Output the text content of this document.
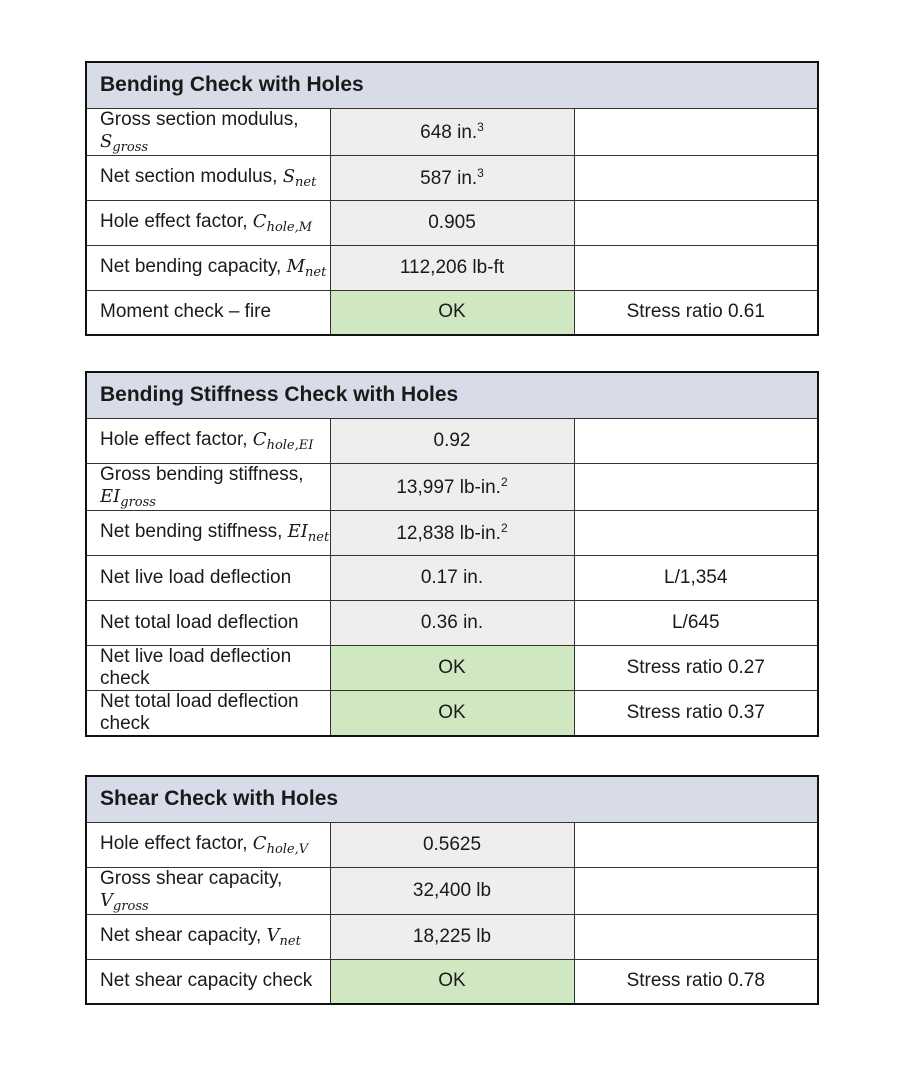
Bending Check with Holes		
Gross section modulus, $S_{gross}$	648 in.$^3$	
Net section modulus, $S_{net}$	587 in.$^3$	
Hole effect factor, $C_{hole,M}$	0.905	
Net bending capacity, $M_{net}$	112,206 lb-ft	
Moment check – fire	OK	Stress ratio 0.61
Bending Stiffness Check with Holes		
Hole effect factor, $C_{hole,EI}$	0.92	
Gross bending stiffness, $EI_{gross}$	13,997 lb-in.$^2$	
Net bending stiffness, $EI_{net}$	12,838 lb-in.$^2$	
Net live load deflection	0.17 in.	L/1,354
Net total load deflection	0.36 in.	L/645
Net live load deflection check	OK	Stress ratio 0.27
Net total load deflection check	OK	Stress ratio 0.37
Shear Check with Holes		
Hole effect factor, $C_{hole,V}$	0.5625	
Gross shear capacity, $V_{gross}$	32,400 lb	
Net shear capacity, $V_{net}$	18,225 lb	
Net shear capacity check	OK	Stress ratio 0.78
